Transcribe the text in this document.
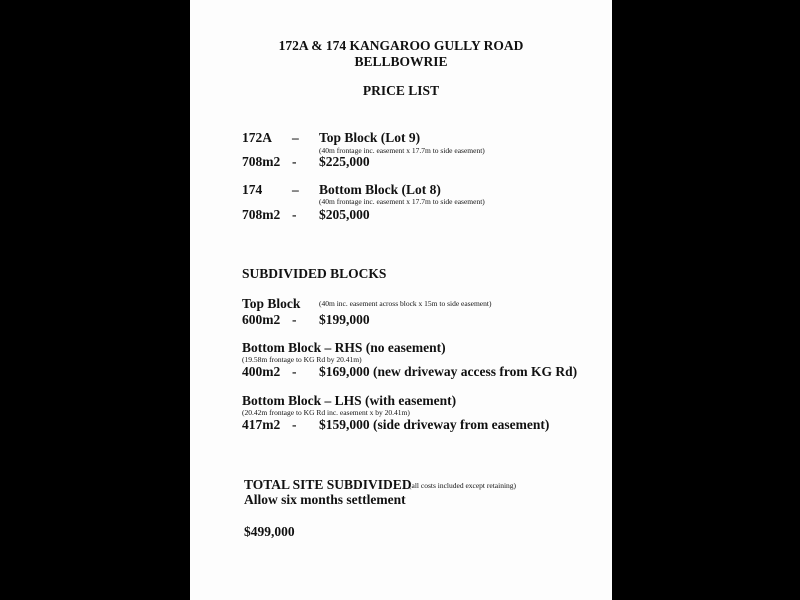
172A & 174 KANGAROO GULLY ROAD
BELLBOWRIE
PRICE LIST
172A – Top Block (Lot 9)
(40m frontage inc. easement x 17.7m to side easement)
708m2 - $225,000
174 – Bottom Block (Lot 8)
(40m frontage inc. easement x 17.7m to side easement)
708m2 - $205,000
SUBDIVIDED BLOCKS
Top Block (40m inc. easement across block x 15m to side easement)
600m2 - $199,000
Bottom Block – RHS (no easement)
(19.58m frontage to KG Rd by 20.41m)
400m2 - $169,000 (new driveway access from KG Rd)
Bottom Block – LHS (with easement)
(20.42m frontage to KG Rd inc. easement x by 20.41m)
417m2 - $159,000 (side driveway from easement)
TOTAL SITE SUBDIVIDED
(all costs included except retaining)
Allow six months settlement
$499,000
